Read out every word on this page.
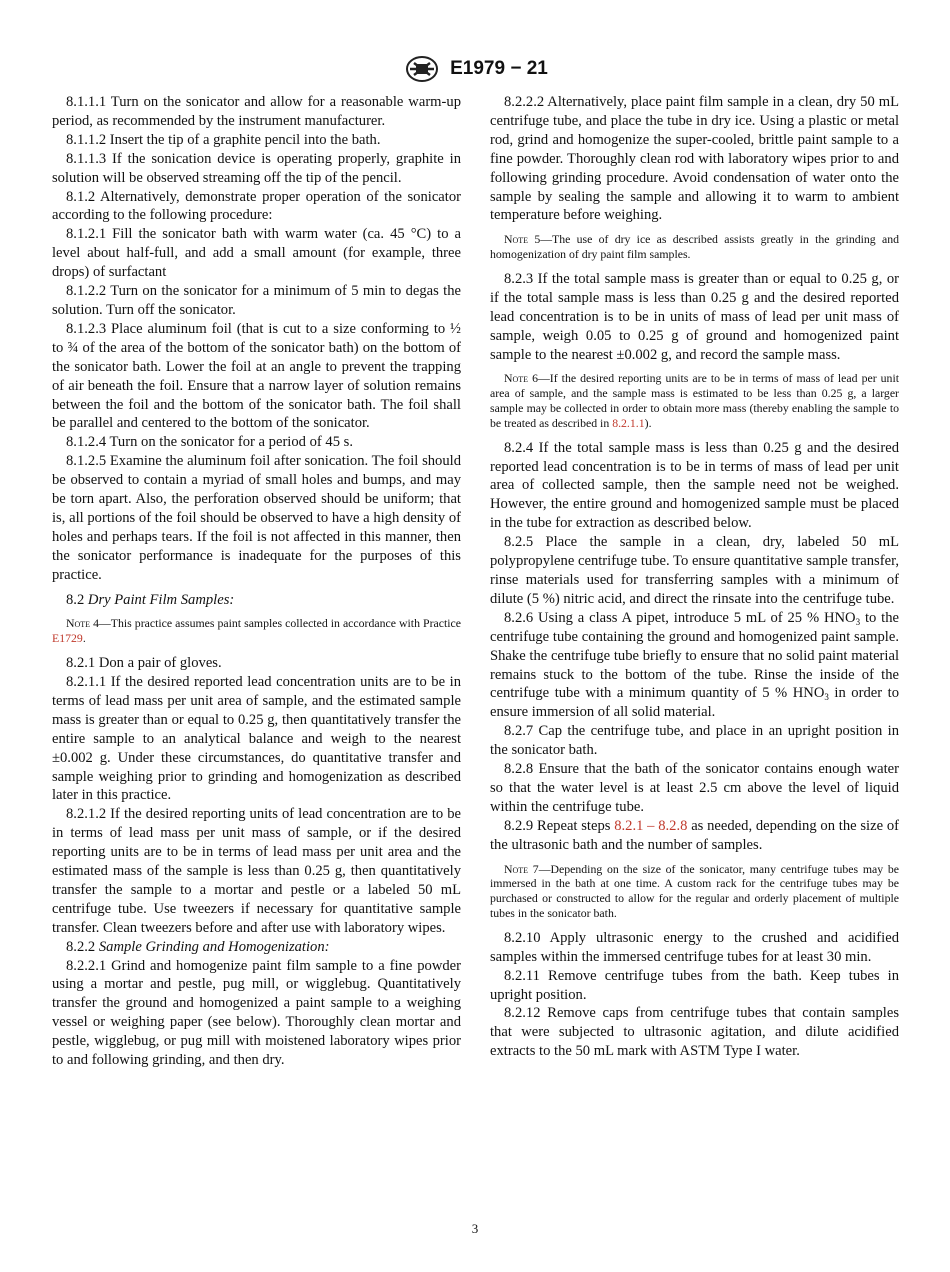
E1979 − 21

8.1.1.1 Turn on the sonicator and allow for a reasonable warm-up period, as recommended by the instrument manufacturer.

8.1.1.2 Insert the tip of a graphite pencil into the bath.

8.1.1.3 If the sonication device is operating properly, graphite in solution will be observed streaming off the tip of the pencil.

8.1.2 Alternatively, demonstrate proper operation of the sonicator according to the following procedure:

8.1.2.1 Fill the sonicator bath with warm water (ca. 45 °C) to a level about half-full, and add a small amount (for example, three drops) of surfactant

8.1.2.2 Turn on the sonicator for a minimum of 5 min to degas the solution. Turn off the sonicator.

8.1.2.3 Place aluminum foil (that is cut to a size conforming to ½ to ¾ of the area of the bottom of the sonicator bath) on the bottom of the sonicator bath. Lower the foil at an angle to prevent the trapping of air beneath the foil. Ensure that a narrow layer of solution remains between the foil and the bottom of the sonicator bath. The foil shall be parallel and centered to the bottom of the sonicator.

8.1.2.4 Turn on the sonicator for a period of 45 s.

8.1.2.5 Examine the aluminum foil after sonication. The foil should be observed to contain a myriad of small holes and bumps, and may be torn apart. Also, the perforation observed should be uniform; that is, all portions of the foil should be observed to have a high density of holes and perhaps tears. If the foil is not affected in this manner, then the sonicator performance is inadequate for the purposes of this practice.

8.2 Dry Paint Film Samples:

Note 4—This practice assumes paint samples collected in accordance with Practice E1729.

8.2.1 Don a pair of gloves.

8.2.1.1 If the desired reported lead concentration units are to be in terms of lead mass per unit area of sample, and the estimated sample mass is greater than or equal to 0.25 g, then quantitatively transfer the entire sample to an analytical balance and weigh to the nearest ±0.002 g. Under these circumstances, do quantitative transfer and sample weighing prior to grinding and homogenization as described later in this practice.

8.2.1.2 If the desired reporting units of lead concentration are to be in terms of lead mass per unit mass of sample, or if the desired reporting units are to be in terms of lead mass per unit area and the estimated mass of the sample is less than 0.25 g, then quantitatively transfer the sample to a mortar and pestle or a labeled 50 mL centrifuge tube. Use tweezers if necessary for quantitative sample transfer. Clean tweezers before and after use with laboratory wipes.

8.2.2 Sample Grinding and Homogenization:

8.2.2.1 Grind and homogenize paint film sample to a fine powder using a mortar and pestle, pug mill, or wigglebug. Quantitatively transfer the ground and homogenized a paint sample to a weighing vessel or weighing paper (see below). Thoroughly clean mortar and pestle, wigglebug, or pug mill with moistened laboratory wipes prior to and following grinding, and then dry.

8.2.2.2 Alternatively, place paint film sample in a clean, dry 50 mL centrifuge tube, and place the tube in dry ice. Using a plastic or metal rod, grind and homogenize the super-cooled, brittle paint sample to a fine powder. Thoroughly clean rod with laboratory wipes prior to and following grinding procedure. Avoid condensation of water onto the sample by sealing the sample and allowing it to warm to ambient temperature before weighing.

Note 5—The use of dry ice as described assists greatly in the grinding and homogenization of dry paint film samples.

8.2.3 If the total sample mass is greater than or equal to 0.25 g, or if the total sample mass is less than 0.25 g and the desired reported lead concentration is to be in units of mass of lead per unit mass of sample, weigh 0.05 to 0.25 g of ground and homogenized paint sample to the nearest ±0.002 g, and record the sample mass.

Note 6—If the desired reporting units are to be in terms of mass of lead per unit area of sample, and the sample mass is estimated to be less than 0.25 g, a larger sample may be collected in order to obtain more mass (thereby enabling the sample to be treated as described in 8.2.1.1).

8.2.4 If the total sample mass is less than 0.25 g and the desired reported lead concentration is to be in terms of mass of lead per unit area of collected sample, then the sample need not be weighed. However, the entire ground and homogenized sample must be placed in the tube for extraction as described below.

8.2.5 Place the sample in a clean, dry, labeled 50 mL polypropylene centrifuge tube. To ensure quantitative sample transfer, rinse materials used for transferring samples with a minimum of dilute (5 %) nitric acid, and direct the rinsate into the centrifuge tube.

8.2.6 Using a class A pipet, introduce 5 mL of 25 % $HNO_3$ to the centrifuge tube containing the ground and homogenized paint sample. Shake the centrifuge tube briefly to ensure that no solid paint material remains stuck to the bottom of the tube. Rinse the inside of the centrifuge tube with a minimum quantity of 5 % $HNO_3$ in order to ensure immersion of all solid material.

8.2.7 Cap the centrifuge tube, and place in an upright position in the sonicator bath.

8.2.8 Ensure that the bath of the sonicator contains enough water so that the water level is at least 2.5 cm above the level of liquid within the centrifuge tube.

8.2.9 Repeat steps 8.2.1 – 8.2.8 as needed, depending on the size of the ultrasonic bath and the number of samples.

Note 7—Depending on the size of the sonicator, many centrifuge tubes may be immersed in the bath at one time. A custom rack for the centrifuge tubes may be purchased or constructed to allow for the regular and orderly placement of multiple tubes in the sonicator bath.

8.2.10 Apply ultrasonic energy to the crushed and acidified samples within the immersed centrifuge tubes for at least 30 min.

8.2.11 Remove centrifuge tubes from the bath. Keep tubes in upright position.

8.2.12 Remove caps from centrifuge tubes that contain samples that were subjected to ultrasonic agitation, and dilute acidified extracts to the 50 mL mark with ASTM Type I water.

3
